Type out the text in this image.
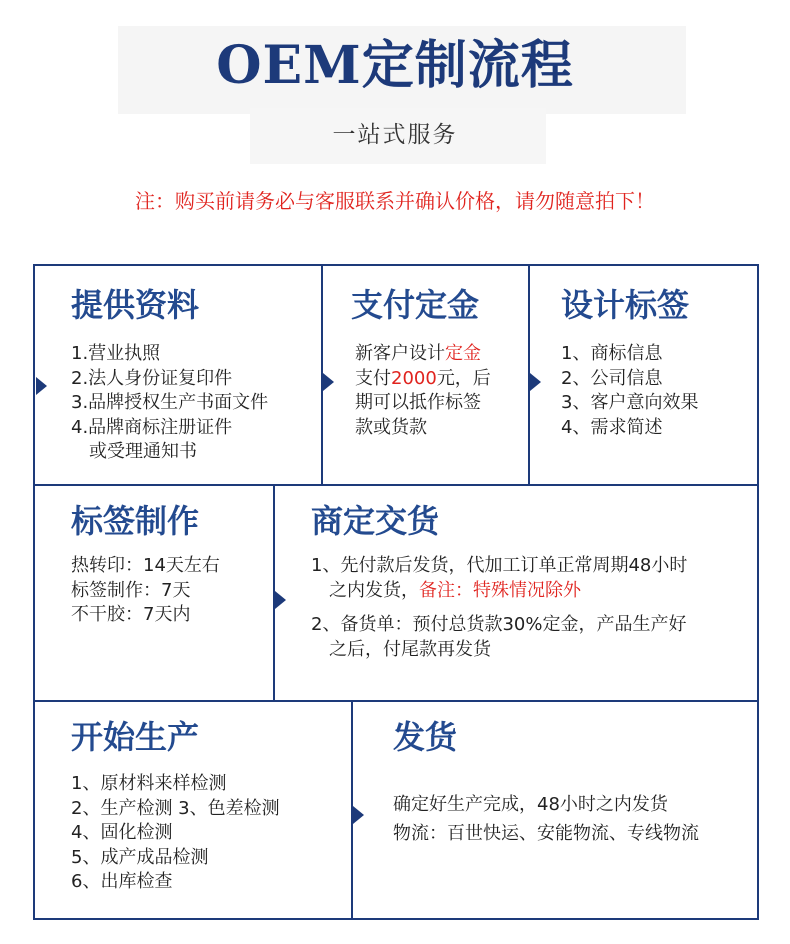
OEM定制流程
一站式服务
注：购买前请务必与客服联系并确认价格，请勿随意拍下！
提供资料
1.营业执照
2.法人身份证复印件
3.品牌授权生产书面文件
4.品牌商标注册证件
或受理通知书
支付定金
新客户设计定金
支付2000元，后
期可以抵作标签
款或货款
设计标签
1、商标信息
2、公司信息
3、客户意向效果
4、需求简述
标签制作
热转印：14天左右
标签制作：7天
不干胶：7天内
商定交货
1、先付款后发货，代加工订单正常周期48小时
之内发货，备注：特殊情况除外
2、备货单：预付总货款30%定金，产品生产好
之后，付尾款再发货
开始生产
1、原材料来样检测
2、生产检测 3、色差检测
4、固化检测
5、成产成品检测
6、出库检查
发货
确定好生产完成，48小时之内发货
物流：百世快运、安能物流、专线物流
